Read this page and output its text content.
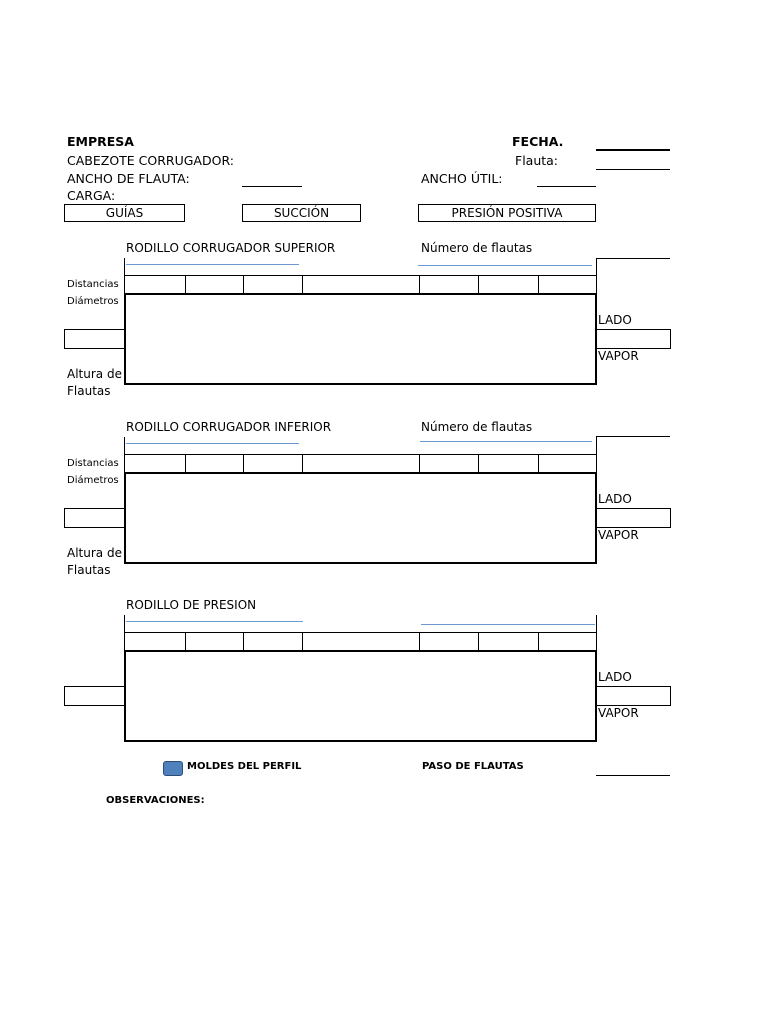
EMPRESA	FECHA.
CABEZOTE CORRUGADOR:	Flauta:
ANCHO DE FLAUTA:	ANCHO ÚTIL:
CARGA:
GUÍAS	SUCCIÓN	PRESIÓN POSITIVA
RODILLO CORRUGADOR SUPERIOR	Número de flautas
Distancias
Diámetros
LADO
VAPOR
Altura de
Flautas
RODILLO CORRUGADOR INFERIOR	Número de flautas
Distancias
Diámetros
LADO
VAPOR
Altura de
Flautas
RODILLO DE PRESION
LADO
VAPOR
MOLDES DEL PERFIL	PASO DE FLAUTAS
OBSERVACIONES:
